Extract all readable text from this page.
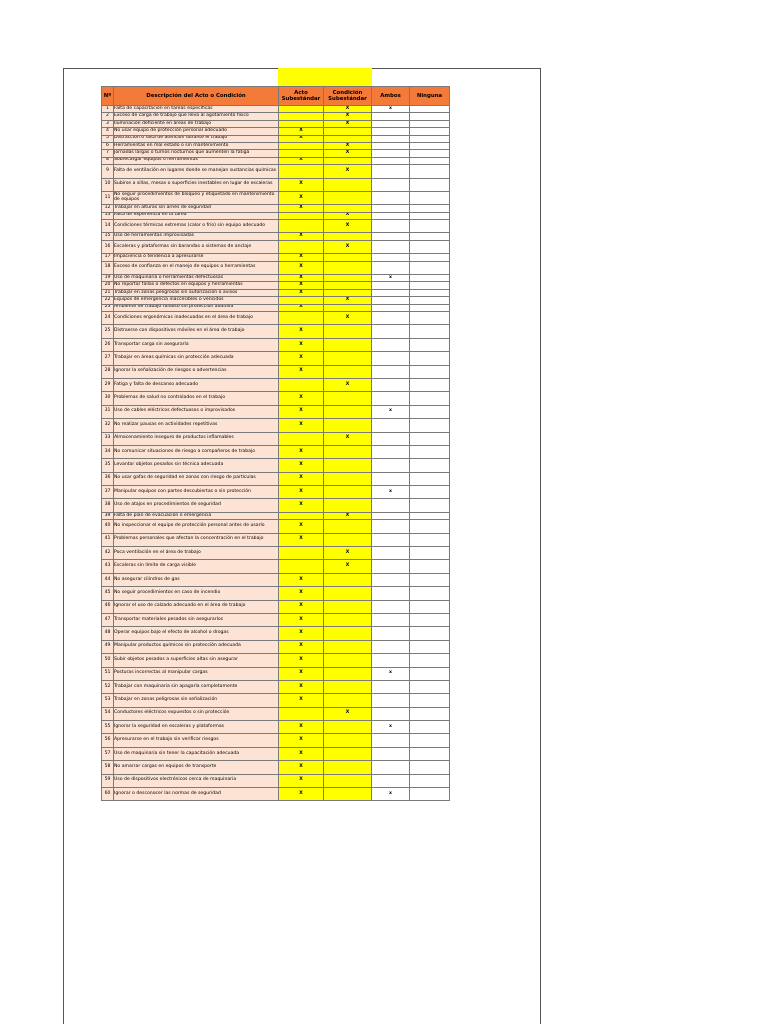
Nº	Descripción del Acto o Condición	Acto Subestándar	Condición Subestándar	Ambos	Ninguna
1	Falta de capacitación en tareas específicas		X	x	
2	Exceso de carga de trabajo que lleva al agotamiento físico		X		
3	Iluminación deficiente en áreas de trabajo		X		
4	No usar equipo de protección personal adecuado	X			
5	Distracción o falta de atención durante el trabajo	X			
6	Herramientas en mal estado o sin mantenimiento		X		
7	Jornadas largas o turnos nocturnos que aumenten la fatiga		X		
8	Sobrecargar equipos o herramientas	X			
9	Falta de ventilación en lugares donde se manejan sustancias químicas		X		
10	Subirse a sillas, mesas o superficies inestables en lugar de escaleras	X			
11	No seguir procedimientos de bloqueo y etiquetado en mantenimiento de equipos	X			
12	Trabajar en alturas sin arnés de seguridad	X			
13	Falta de experiencia en la tarea		X		
14	Condiciones térmicas extremas (calor o frío) sin equipo adecuado		X		
15	Uso de herramientas improvisadas	X			
16	Escaleras y plataformas sin barandas o sistemas de anclaje		X		
17	Impaciencia o tendencia a apresurarse	X			
18	Exceso de confianza en el manejo de equipos o herramientas	X			
19	Uso de maquinaria o herramientas defectuosas	X		x	
20	No reportar fallas o defectos en equipos y herramientas	X			
21	Trabajar en zonas peligrosas sin autorización o avisos	X			
22	Equipos de emergencia inaccesibles o vencidos		X		
23	Ambiente de trabajo ruidoso sin protección auditiva	X			
24	Condiciones ergonómicas inadecuadas en el área de trabajo		X		
25	Distraerse con dispositivos móviles en el área de trabajo	X			
26	Transportar carga sin asegurarla	X			
27	Trabajar en áreas químicas sin protección adecuada	X			
28	Ignorar la señalización de riesgos o advertencias	X			
29	Fatiga y falta de descanso adecuado		X		
30	Problemas de salud no controlados en el trabajo	X			
31	Uso de cables eléctricos defectuosos o improvisados	X		x	
32	No realizar pausas en actividades repetitivas	X			
33	Almacenamiento inseguro de productos inflamables		X		
34	No comunicar situaciones de riesgo a compañeros de trabajo	X			
35	Levantar objetos pesados sin técnica adecuada	X			
36	No usar gafas de seguridad en zonas con riesgo de partículas	X			
37	Manipular equipos con partes descubiertas o sin protección	X		x	
38	Uso de atajos en procedimientos de seguridad	X			
39	Falta de plan de evacuación o emergencia		X		
40	No inspeccionar el equipo de protección personal antes de usarlo	X			
41	Problemas personales que afectan la concentración en el trabajo	X			
42	Poca ventilación en el área de trabajo		X		
43	Escaleras sin límite de carga visible		X		
44	No asegurar cilindros de gas	X			
45	No seguir procedimientos en caso de incendio	X			
46	Ignorar el uso de calzado adecuado en el área de trabajo	X			
47	Transportar materiales pesados sin asegurarlos	X			
48	Operar equipos bajo el efecto de alcohol o drogas	X			
49	Manipular productos químicos sin protección adecuada	X			
50	Subir objetos pesados a superficies altas sin asegurar	X			
51	Posturas incorrectas al manipular cargas	X		x	
52	Trabajar con maquinaria sin apagarla completamente	X			
53	Trabajar en zonas peligrosas sin señalización	X			
54	Conductores eléctricos expuestos o sin protección		X		
55	Ignorar la seguridad en escaleras y plataformas	X		x	
56	Apresurarse en el trabajo sin verificar riesgos	X			
57	Uso de maquinaria sin tener la capacitación adecuada	X			
58	No amarrar cargas en equipos de transporte	X			
59	Uso de dispositivos electrónicos cerca de maquinaria	X			
60	Ignorar o desconocer las normas de seguridad	X		x	
